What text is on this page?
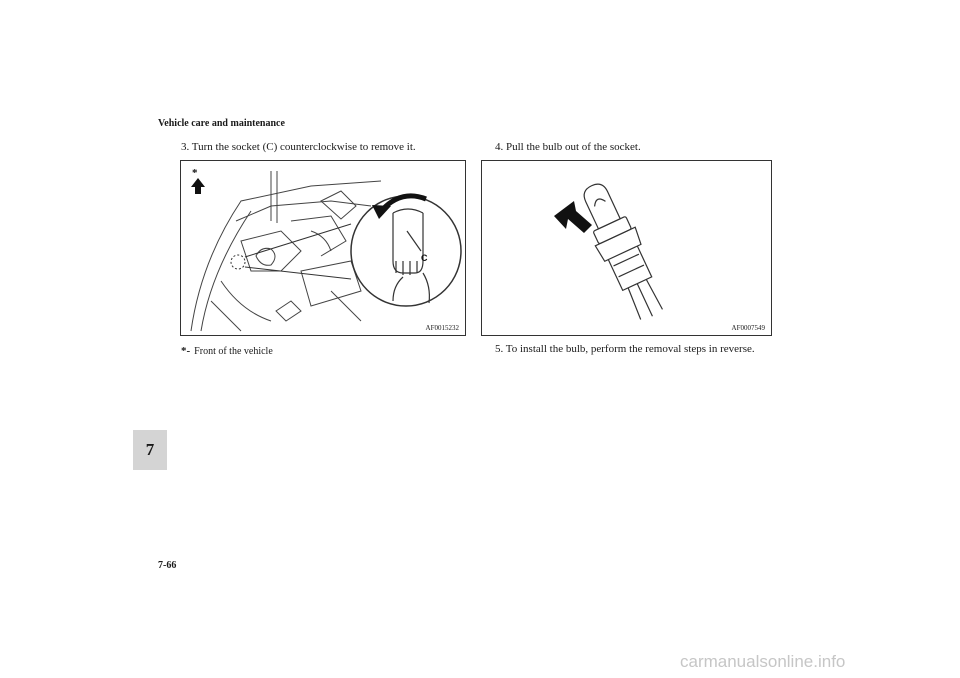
Vehicle care and maintenance
3. Turn the socket (C) counterclockwise to remove it.	4. Pull the bulb out of the socket.
C
*
AF0015232	AF0007549
*- Front of the vehicle	5. To install the bulb, perform the removal steps in reverse.
7
7-66
carmanualsonline.info
